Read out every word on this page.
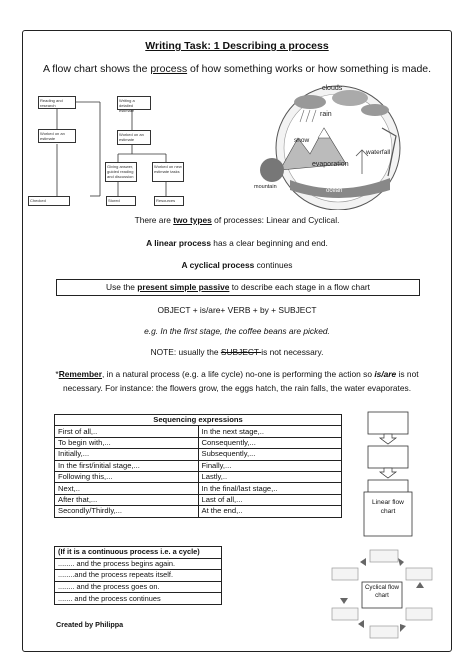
Writing Task: 1 Describing a process
A flow chart shows the process of how something works or how something is made.
Reading and research
Worked on an estimate
Checked
Writing a detailed estimate
Worked on an estimate
Giving answer, guided reading and discussion
Worked on new estimate tasks
Stored	Resources
clouds
rain
snow
evaporation
waterfall
mountain
ocean
There are two types of processes: Linear and Cyclical.
A linear process has a clear beginning and end.
A cyclical process continues
Use the present simple passive to describe each stage in a flow chart
OBJECT + is/are+ VERB + by + SUBJECT
e.g. In the first stage, the coffee beans are picked.
NOTE: usually the SUBJECT is not necessary.
*Remember, in a natural process (e.g. a life cycle) no-one is performing the action so is/are is not necessary. For instance: the flowers grow, the eggs hatch, the rain falls, the water evaporates.
Sequencing expressions	
First of all,..	In the next stage,..
To begin with,...	Consequently,...
Initially,...	Subsequently,...
In the first/initial stage,...	Finally,...
Following this,...	Lastly,..
Next,..	In the final/last stage,..
After that,...	Last of all,...
Secondly/Thirdly,...	At the end,..
Linear flow chart
(If it is a continuous process i.e. a cycle)
........ and the process begins again.
........and the process repeats itself.
........ and the process goes on.
....... and the process continues
Cyclical flow chart
Created by Philippa
